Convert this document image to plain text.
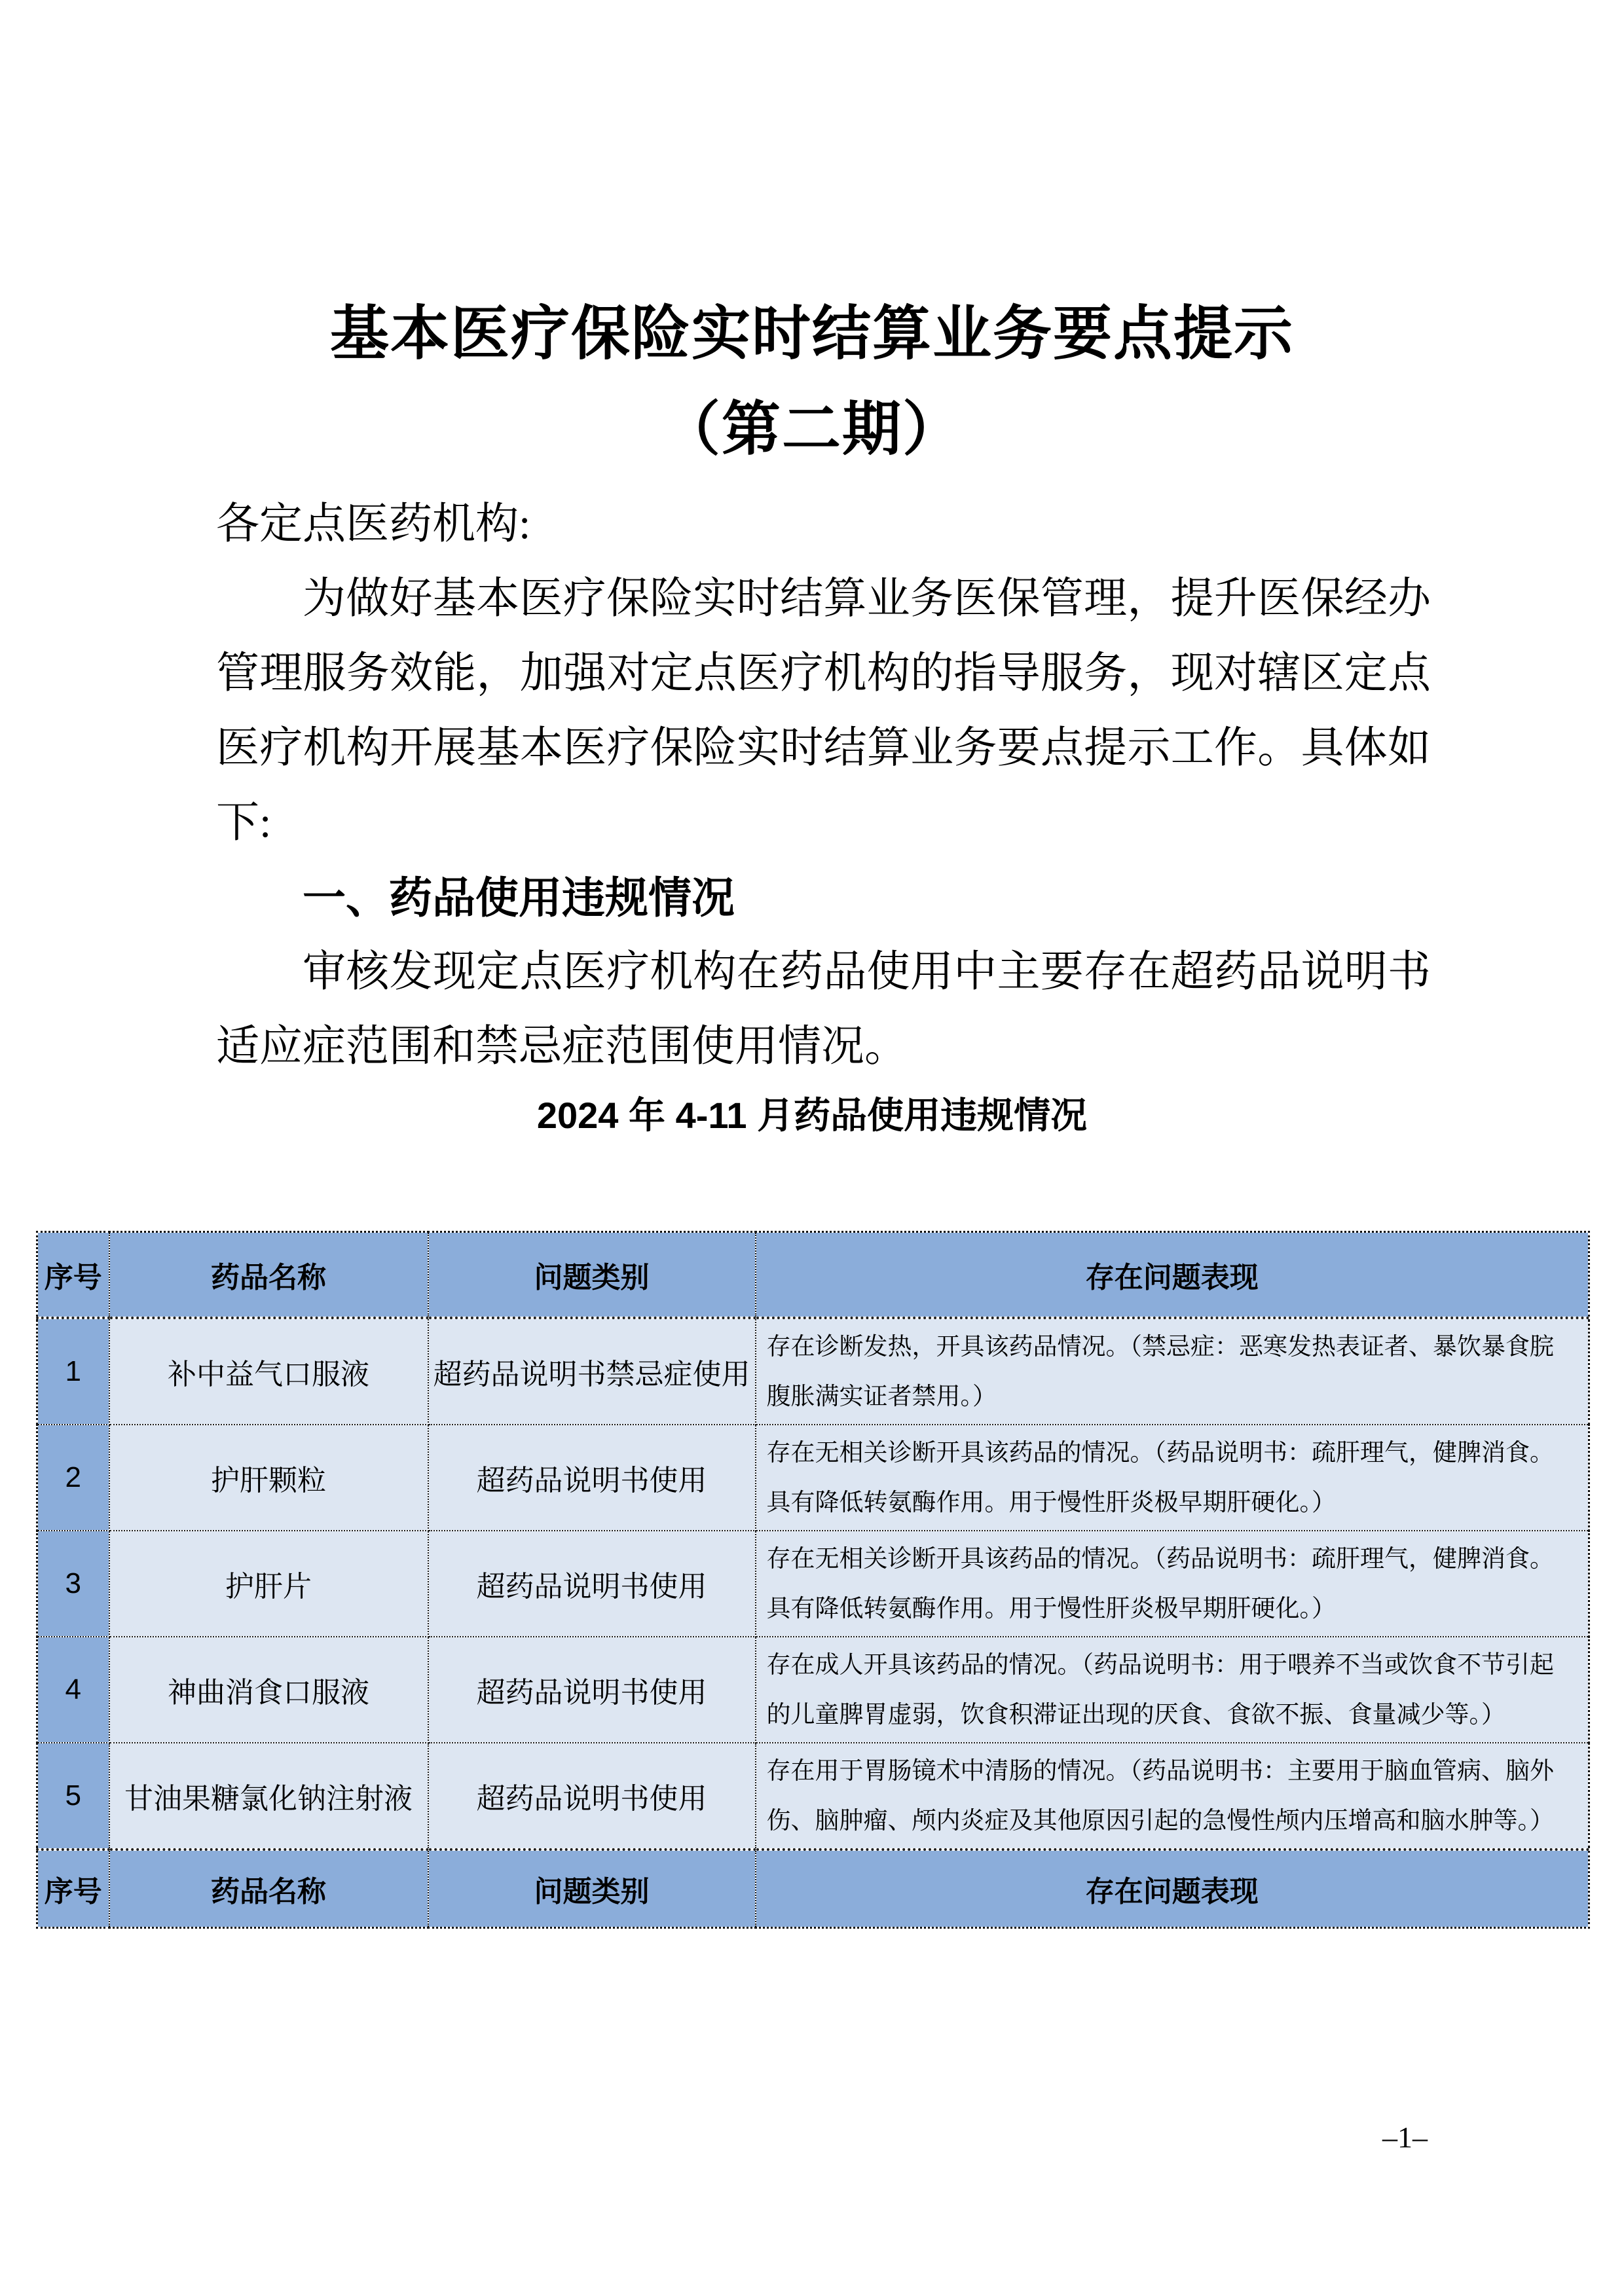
基本医疗保险实时结算业务要点提示
（第二期）
各定点医药机构:
为做好基本医疗保险实时结算业务医保管理，提升医保经办管理服务效能，加强对定点医疗机构的指导服务，现对辖区定点医疗机构开展基本医疗保险实时结算业务要点提示工作。具体如下:
一、药品使用违规情况
审核发现定点医疗机构在药品使用中主要存在超药品说明书适应症范围和禁忌症范围使用情况。
2024 年 4-11 月药品使用违规情况
序号	药品名称	问题类别	存在问题表现
1	补中益气口服液	超药品说明书禁忌症使用	存在诊断发热，开具该药品情况。（禁忌症：恶寒发热表证者、暴饮暴食脘腹胀满实证者禁用。）
2	护肝颗粒	超药品说明书使用	存在无相关诊断开具该药品的情况。（药品说明书：疏肝理气，健脾消食。具有降低转氨酶作用。用于慢性肝炎极早期肝硬化。）
3	护肝片	超药品说明书使用	存在无相关诊断开具该药品的情况。（药品说明书：疏肝理气，健脾消食。具有降低转氨酶作用。用于慢性肝炎极早期肝硬化。）
4	神曲消食口服液	超药品说明书使用	存在成人开具该药品的情况。（药品说明书：用于喂养不当或饮食不节引起的儿童脾胃虚弱，饮食积滞证出现的厌食、食欲不振、食量减少等。）
5	甘油果糖氯化钠注射液	超药品说明书使用	存在用于胃肠镜术中清肠的情况。（药品说明书：主要用于脑血管病、脑外伤、脑肿瘤、颅内炎症及其他原因引起的急慢性颅内压增高和脑水肿等。）
序号	药品名称	问题类别	存在问题表现
–1–
